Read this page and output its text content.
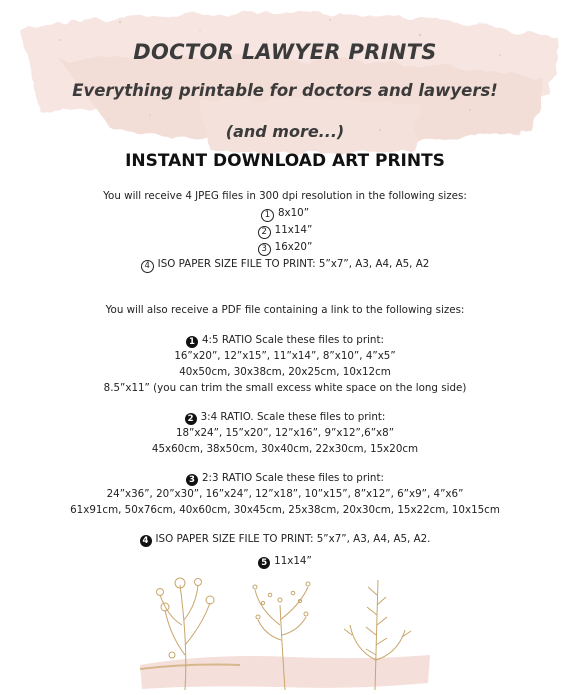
DOCTOR LAWYER PRINTS
Everything printable for doctors and lawyers!
(and more...)
INSTANT DOWNLOAD ART PRINTS
You will receive 4 JPEG files in 300 dpi resolution in the following sizes:
1 8x10”
2 11x14”
3 16x20”
4 ISO PAPER SIZE FILE TO PRINT: 5”x7”, A3, A4, A5, A2
You will also receive a PDF file containing a link to the following sizes:
1 4:5 RATIO Scale these files to print:
16”x20”, 12”x15”, 11”x14”, 8”x10”, 4”x5”
40x50cm, 30x38cm, 20x25cm, 10x12cm
8.5”x11” (you can trim the small excess white space on the long side)
2 3:4 RATIO. Scale these files to print:
18”x24”, 15”x20”, 12”x16”, 9”x12”,6”x8”
45x60cm, 38x50cm, 30x40cm, 22x30cm, 15x20cm
3 2:3 RATIO Scale these files to print:
24”x36”, 20”x30”, 16”x24”, 12”x18”, 10”x15”, 8”x12”, 6”x9”, 4”x6”
61x91cm, 50x76cm, 40x60cm, 30x45cm, 25x38cm, 20x30cm, 15x22cm, 10x15cm
4 ISO PAPER SIZE FILE TO PRINT: 5”x7”, A3, A4, A5, A2.
5 11x14”
